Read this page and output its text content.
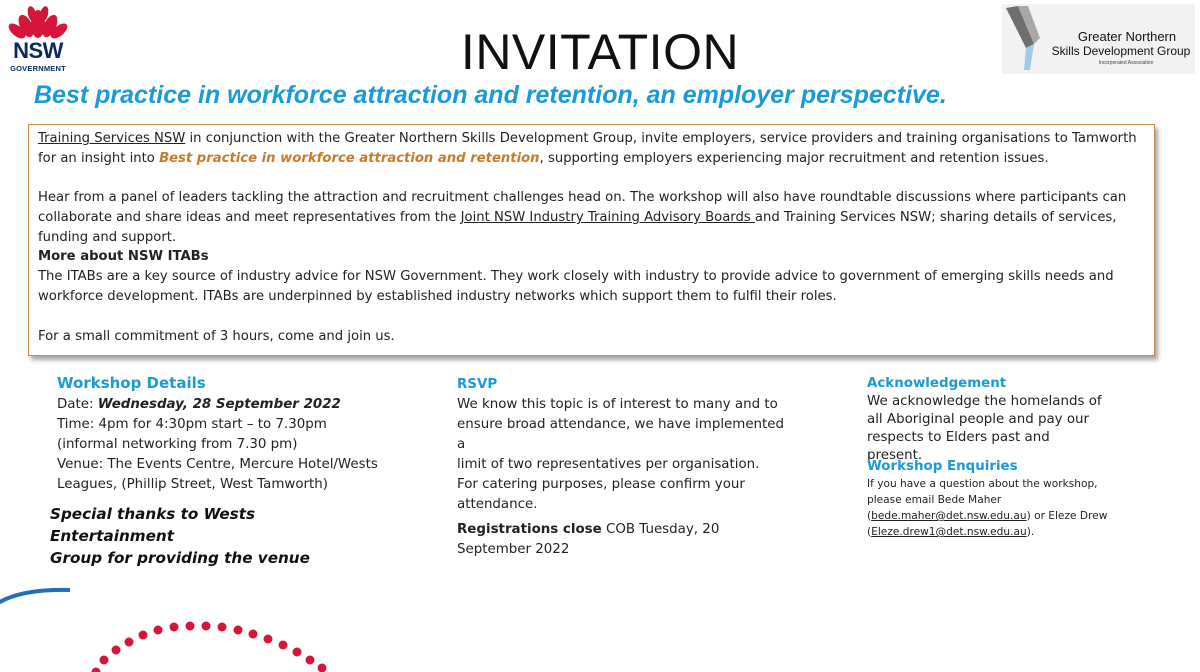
NSW
GOVERNMENT	INVITATION	Greater Northern
Skills Development Group
Incorporated Association
Best practice in workforce attraction and retention, an employer perspective.

Training Services NSW in conjunction with the Greater Northern Skills Development Group, invite employers, service providers and training organisations to Tamworth for an insight into Best practice in workforce attraction and retention, supporting employers experiencing major recruitment and retention issues.

Hear from a panel of leaders tackling the attraction and recruitment challenges head on. The workshop will also have roundtable discussions where participants can collaborate and share ideas and meet representatives from the Joint NSW Industry Training Advisory Boards and Training Services NSW; sharing details of services, funding and support.

More about NSW ITABs

The ITABs are a key source of industry advice for NSW Government. They work closely with industry to provide advice to government of emerging skills needs and workforce development. ITABs are underpinned by established industry networks which support them to fulfil their roles.

For a small commitment of 3 hours, come and join us.

Workshop Details
Date: Wednesday, 28 September 2022
Time: 4pm for 4:30pm start – to 7.30pm
(informal networking from 7.30 pm)
Venue: The Events Centre, Mercure Hotel/Wests
Leagues, (Phillip Street, West Tamworth)
Special thanks to Wests Entertainment
Group for providing the venue
RSVP
We know this topic is of interest to many and to
ensure broad attendance, we have implemented a
limit of two representatives per organisation.
For catering purposes, please confirm your
attendance.
Registrations close COB Tuesday, 20 September 2022
Acknowledgement
We acknowledge the homelands of
all Aboriginal people and pay our
respects to Elders past and present.
Workshop Enquiries
If you have a question about the workshop,
please email Bede Maher
(bede.maher@det.nsw.edu.au) or Eleze Drew
(Eleze.drew1@det.nsw.edu.au).
